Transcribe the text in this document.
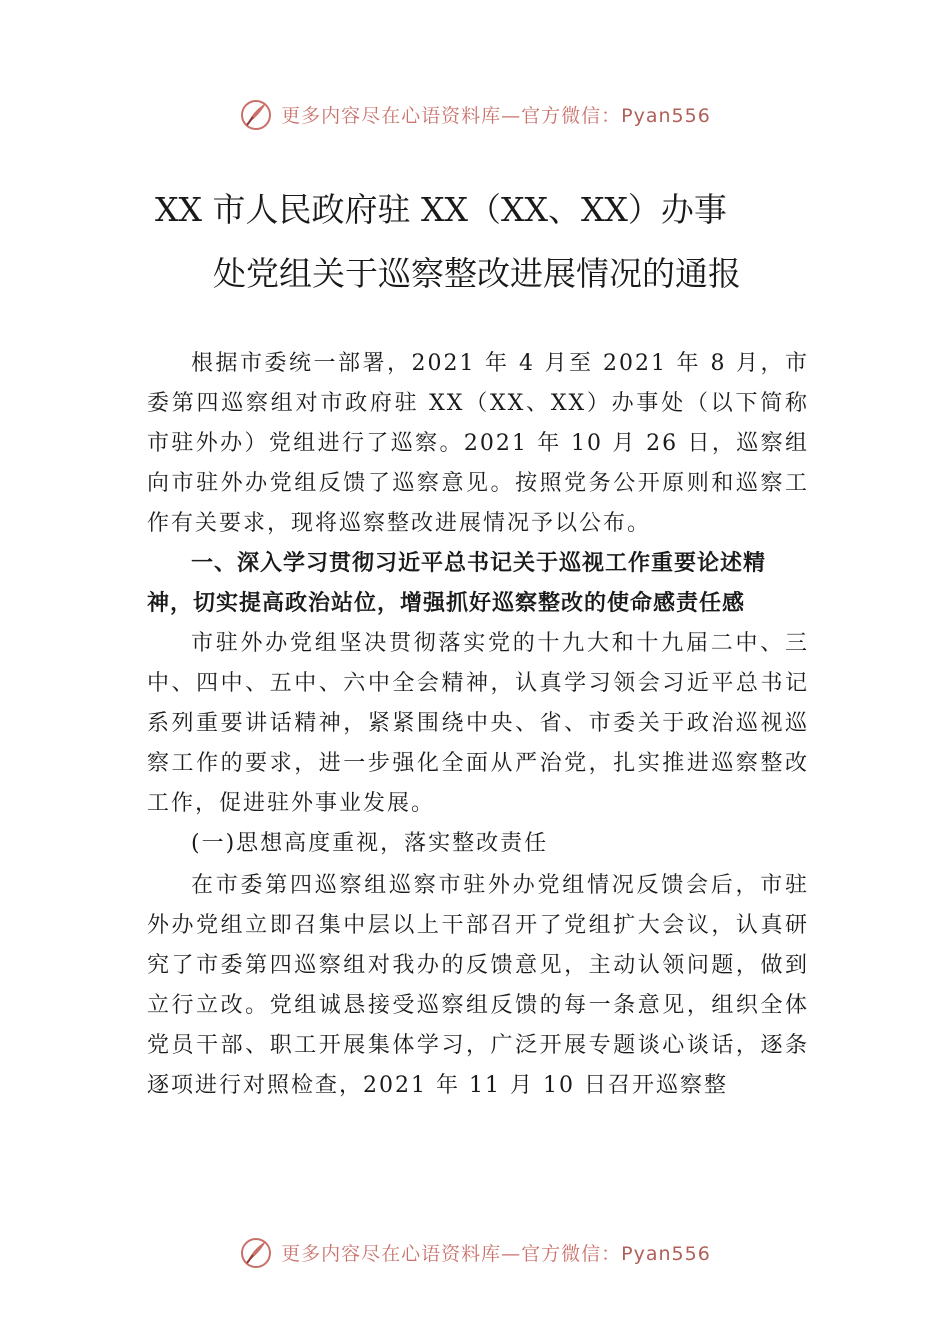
更多内容尽在心语资料库—官方微信：Pyan556
XX 市人民政府驻 XX（XX、XX）办事
处党组关于巡察整改进展情况的通报

根据市委统一部署，2021 年 4 月至 2021 年 8 月，市委第四巡察组对市政府驻 XX（XX、XX）办事处（以下简称市驻外办）党组进行了巡察。2021 年 10 月 26 日，巡察组向市驻外办党组反馈了巡察意见。按照党务公开原则和巡察工作有关要求，现将巡察整改进展情况予以公布。

一、深入学习贯彻习近平总书记关于巡视工作重要论述精神，切实提高政治站位，增强抓好巡察整改的使命感责任感

市驻外办党组坚决贯彻落实党的十九大和十九届二中、三中、四中、五中、六中全会精神，认真学习领会习近平总书记系列重要讲话精神，紧紧围绕中央、省、市委关于政治巡视巡察工作的要求，进一步强化全面从严治党，扎实推进巡察整改工作，促进驻外事业发展。

(一)思想高度重视，落实整改责任

在市委第四巡察组巡察市驻外办党组情况反馈会后，市驻外办党组立即召集中层以上干部召开了党组扩大会议，认真研究了市委第四巡察组对我办的反馈意见，主动认领问题，做到立行立改。党组诚恳接受巡察组反馈的每一条意见，组织全体党员干部、职工开展集体学习，广泛开展专题谈心谈话，逐条逐项进行对照检查，2021 年 11 月 10 日召开巡察整

更多内容尽在心语资料库—官方微信：Pyan556
